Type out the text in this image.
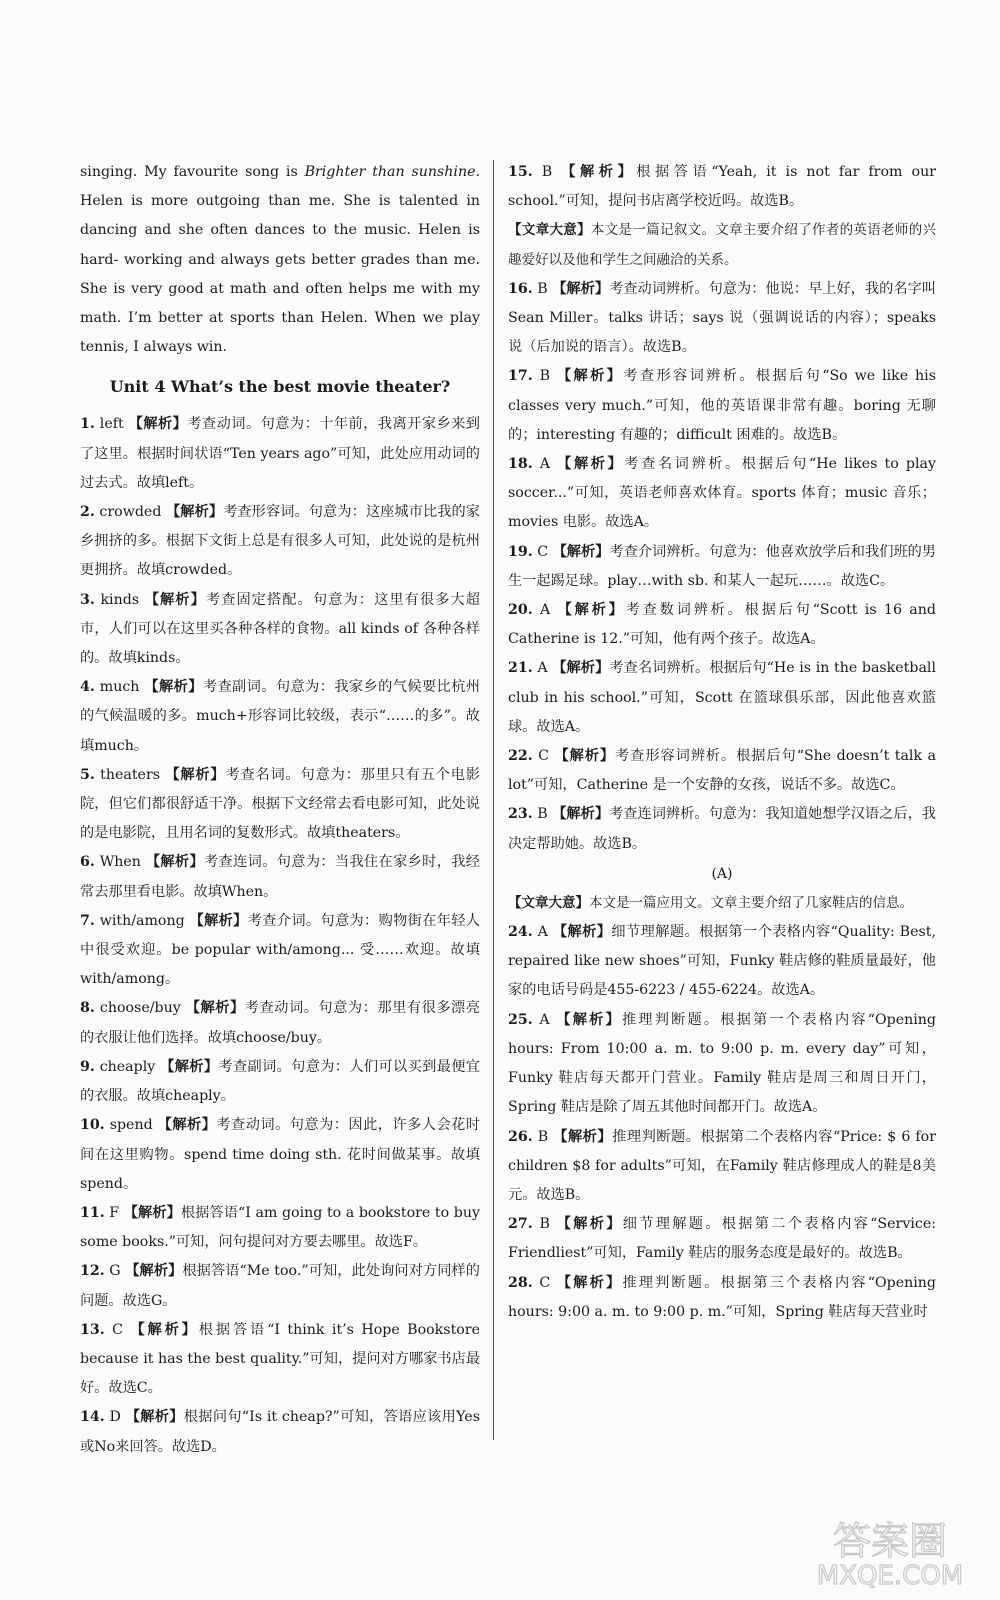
singing. My favourite song is Brighter than sunshine. Helen is more outgoing than me. She is talented in dancing and she often dances to the music. Helen is hard- working and always gets better grades than me. She is very good at math and often helps me with my math. I’m better at sports than Helen. When we play tennis, I always win.

Unit 4 What’s the best movie theater?

1. left 【解析】考查动词。句意为：十年前，我离开家乡来到了这里。根据时间状语“Ten years ago”可知，此处应用动词的过去式。故填left。

2. crowded 【解析】考查形容词。句意为：这座城市比我的家乡拥挤的多。根据下文街上总是有很多人可知，此处说的是杭州更拥挤。故填crowded。

3. kinds 【解析】考查固定搭配。句意为：这里有很多大超市，人们可以在这里买各种各样的食物。all kinds of 各种各样的。故填kinds。

4. much 【解析】考查副词。句意为：我家乡的气候要比杭州的气候温暖的多。much+形容词比较级，表示“……的多”。故填much。

5. theaters 【解析】考查名词。句意为：那里只有五个电影院，但它们都很舒适干净。根据下文经常去看电影可知，此处说的是电影院，且用名词的复数形式。故填theaters。

6. When 【解析】考查连词。句意为：当我住在家乡时，我经常去那里看电影。故填When。

7. with/among 【解析】考查介词。句意为：购物街在年轻人中很受欢迎。be popular with/among... 受……欢迎。故填with/among。

8. choose/buy 【解析】考查动词。句意为：那里有很多漂亮的衣服让他们选择。故填choose/buy。

9. cheaply 【解析】考查副词。句意为：人们可以买到最便宜的衣服。故填cheaply。

10. spend 【解析】考查动词。句意为：因此，许多人会花时间在这里购物。spend time doing sth. 花时间做某事。故填spend。

11. F 【解析】根据答语“I am going to a bookstore to buy some books.”可知，问句提问对方要去哪里。故选F。

12. G 【解析】根据答语“Me too.”可知，此处询问对方同样的问题。故选G。

13. C 【解析】根据答语“I think it’s Hope Bookstore because it has the best quality.”可知，提问对方哪家书店最好。故选C。

14. D 【解析】根据问句“Is it cheap?”可知，答语应该用Yes或No来回答。故选D。

15. B 【解析】根据答语“Yeah, it is not far from our school.”可知，提问书店离学校近吗。故选B。

【文章大意】本文是一篇记叙文。文章主要介绍了作者的英语老师的兴趣爱好以及他和学生之间融洽的关系。

16. B 【解析】考查动词辨析。句意为：他说：早上好，我的名字叫 Sean Miller。talks 讲话；says 说（强调说话的内容）；speaks 说（后加说的语言）。故选B。

17. B 【解析】考查形容词辨析。根据后句“So we like his classes very much.”可知，他的英语课非常有趣。boring 无聊的；interesting 有趣的；difficult 困难的。故选B。

18. A 【解析】考查名词辨析。根据后句“He likes to play soccer...”可知，英语老师喜欢体育。sports 体育；music 音乐；movies 电影。故选A。

19. C 【解析】考查介词辨析。句意为：他喜欢放学后和我们班的男生一起踢足球。play…with sb. 和某人一起玩……。故选C。

20. A 【解析】考查数词辨析。根据后句“Scott is 16 and Catherine is 12.”可知，他有两个孩子。故选A。

21. A 【解析】考查名词辨析。根据后句“He is in the basketball club in his school.”可知，Scott 在篮球俱乐部，因此他喜欢篮球。故选A。

22. C 【解析】考查形容词辨析。根据后句“She doesn’t talk a lot”可知，Catherine 是一个安静的女孩，说话不多。故选C。

23. B 【解析】考查连词辨析。句意为：我知道她想学汉语之后，我决定帮助她。故选B。

(A)

【文章大意】本文是一篇应用文。文章主要介绍了几家鞋店的信息。

24. A 【解析】细节理解题。根据第一个表格内容“Quality: Best, repaired like new shoes”可知，Funky 鞋店修的鞋质量最好，他家的电话号码是455-6223 / 455-6224。故选A。

25. A 【解析】推理判断题。根据第一个表格内容“Opening hours: From 10:00 a. m. to 9:00 p. m. every day”可知，Funky 鞋店每天都开门营业。Family 鞋店是周三和周日开门，Spring 鞋店是除了周五其他时间都开门。故选A。

26. B 【解析】推理判断题。根据第二个表格内容“Price: $ 6 for children $8 for adults”可知，在Family 鞋店修理成人的鞋是8美元。故选B。

27. B 【解析】细节理解题。根据第二个表格内容“Service: Friendliest”可知，Family 鞋店的服务态度是最好的。故选B。

28. C 【解析】推理判断题。根据第三个表格内容“Opening hours: 9:00 a. m. to 9:00 p. m.”可知，Spring 鞋店每天营业时

答案圈
MXQE.COM
